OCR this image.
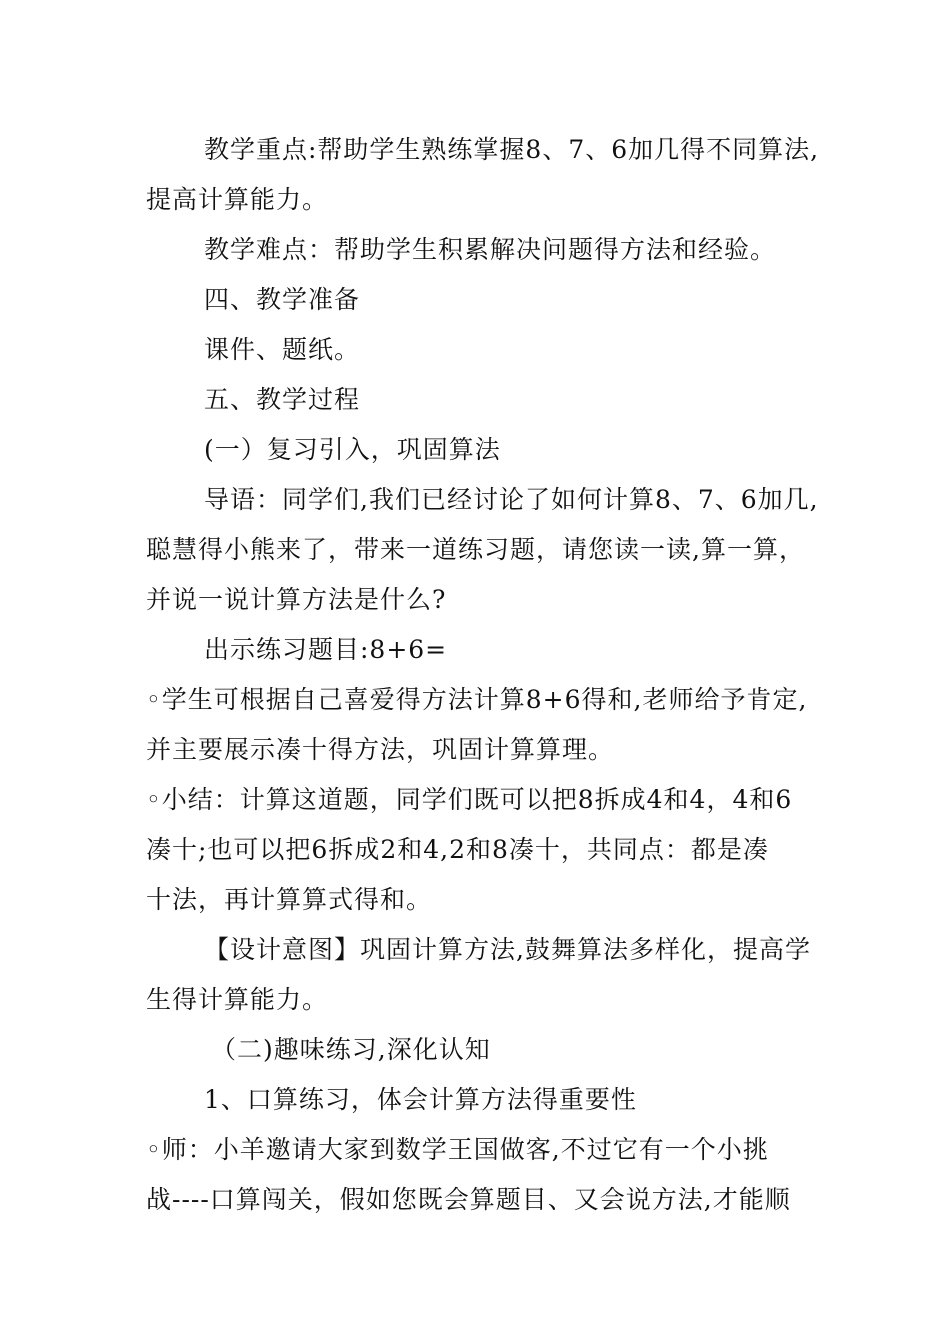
教学重点:帮助学生熟练掌握8、7、6加几得不同算法,
提高计算能力。
教学难点：帮助学生积累解决问题得方法和经验。
四、教学准备
课件、题纸。
五、教学过程
(一）复习引入，巩固算法
导语：同学们,我们已经讨论了如何计算8、7、6加几,
聪慧得小熊来了，带来一道练习题，请您读一读,算一算，
并说一说计算方法是什么?
出示练习题目:8+6=
◦学生可根据自己喜爱得方法计算8+6得和,老师给予肯定,
并主要展示凑十得方法，巩固计算算理。
◦小结：计算这道题，同学们既可以把8拆成4和4，4和6
凑十;也可以把6拆成2和4,2和8凑十，共同点：都是凑
十法，再计算算式得和。
【设计意图】巩固计算方法,鼓舞算法多样化，提高学
生得计算能力。
（二)趣味练习,深化认知
1、口算练习，体会计算方法得重要性
◦师：小羊邀请大家到数学王国做客,不过它有一个小挑
战----口算闯关，假如您既会算题目、又会说方法,才能顺
